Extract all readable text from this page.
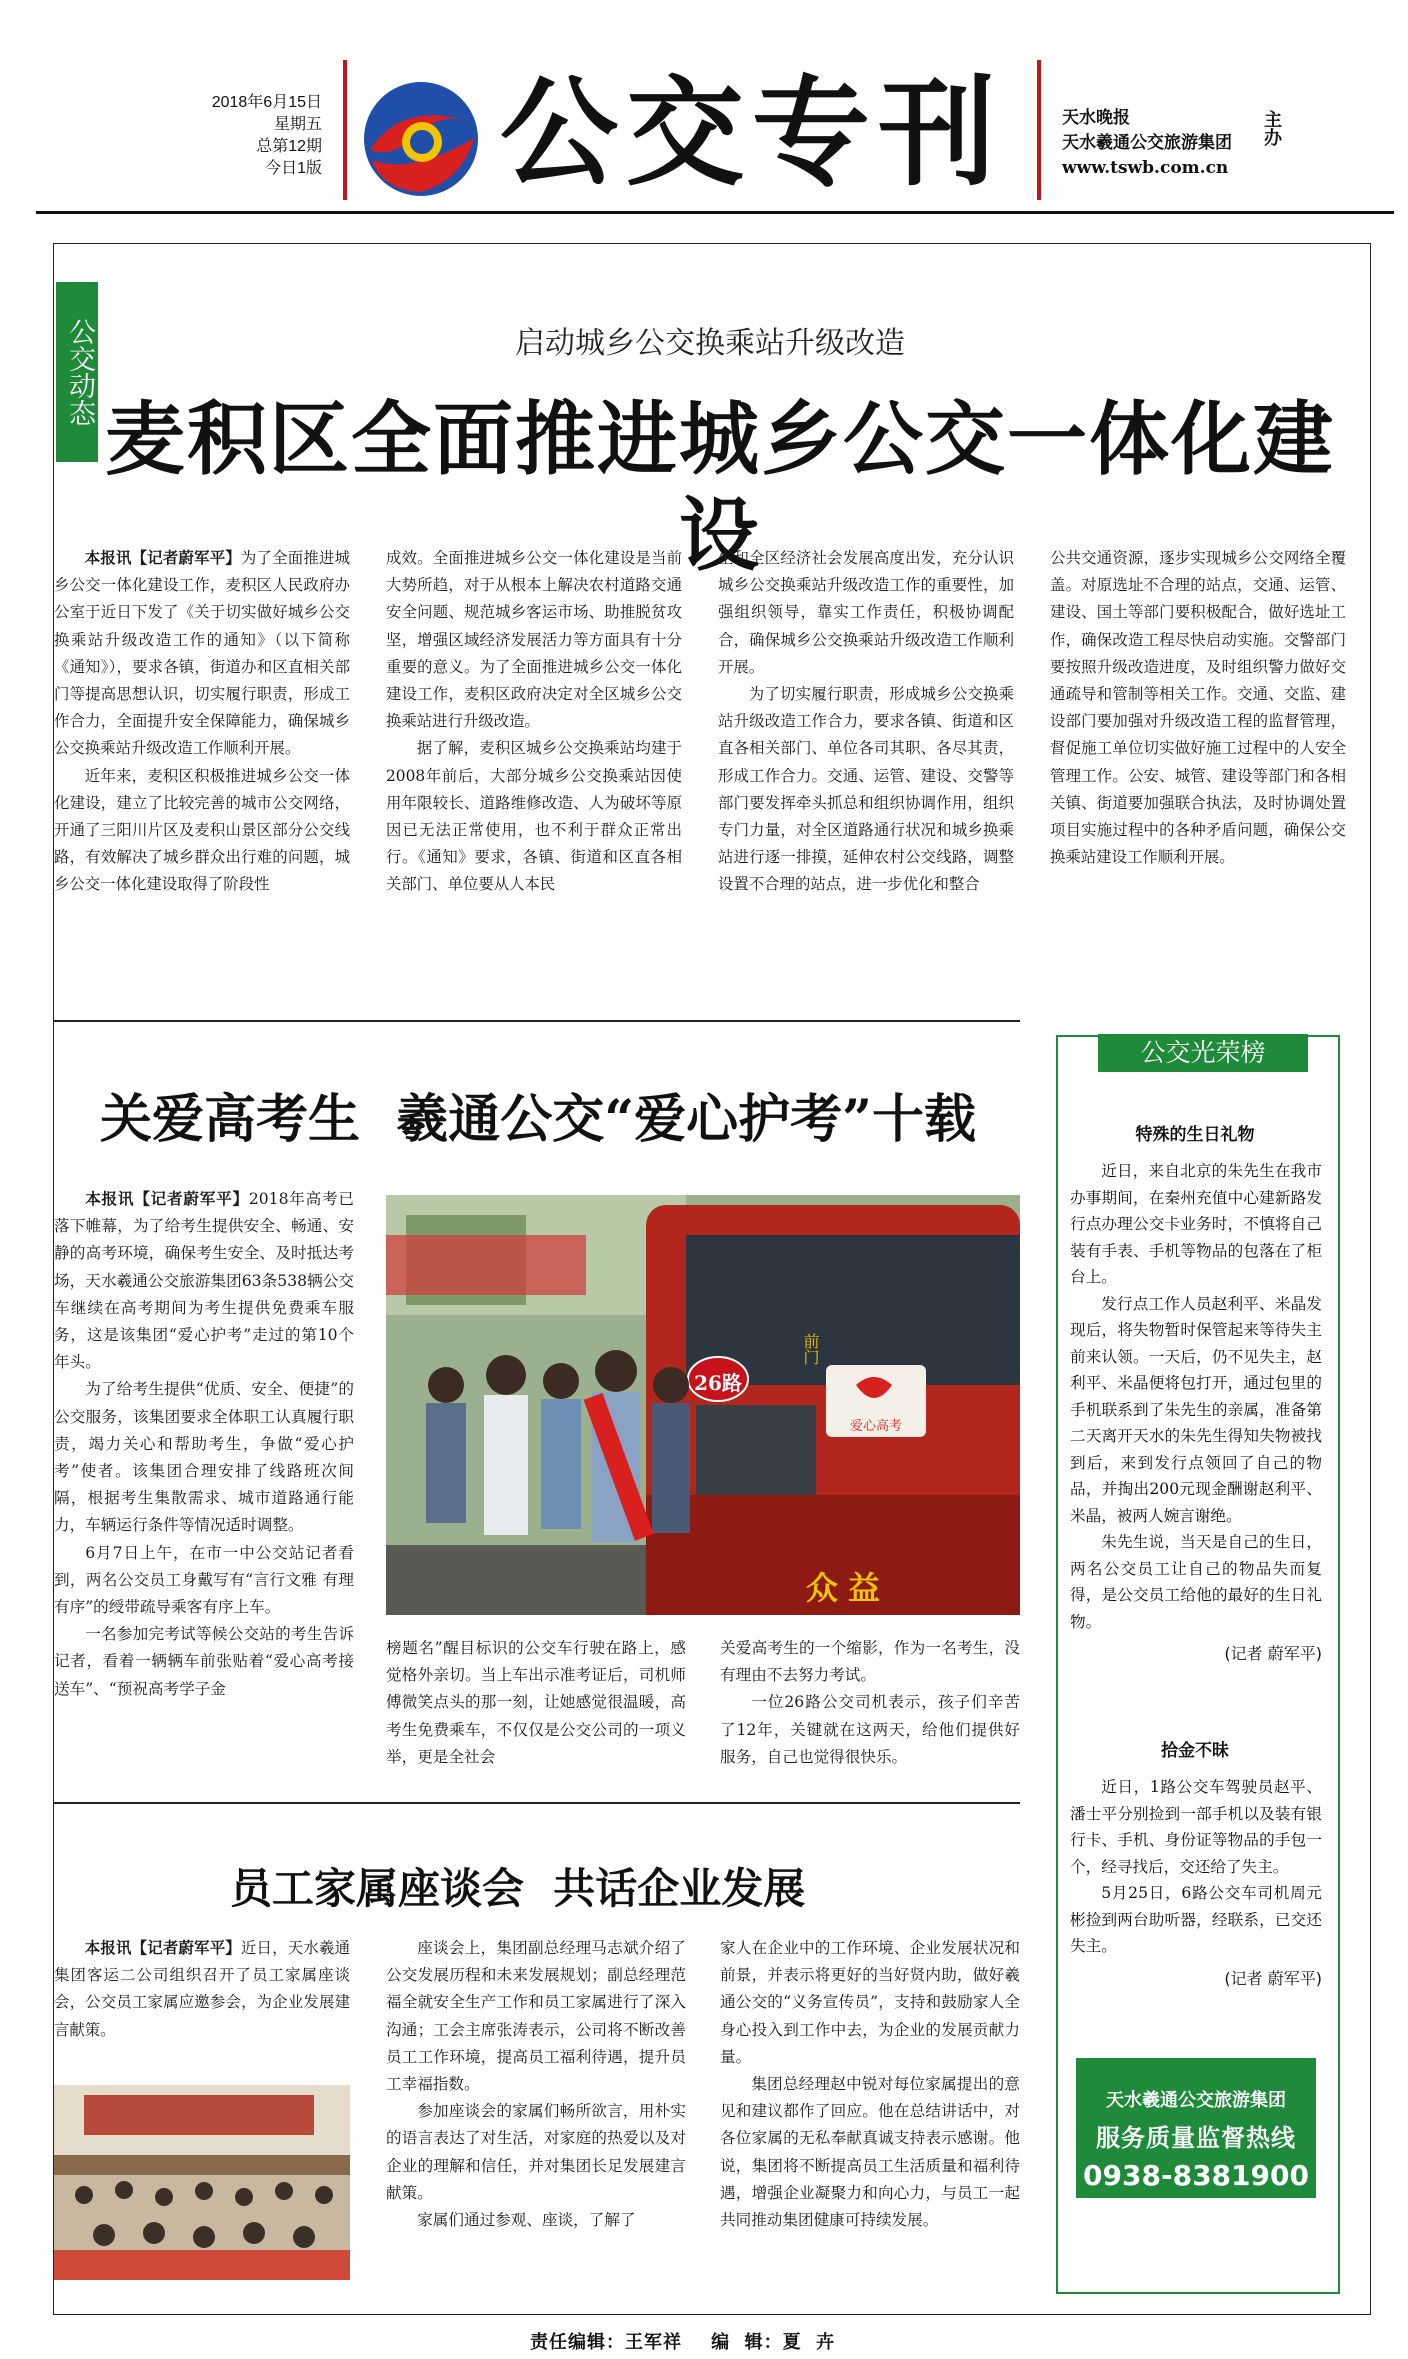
2018年6月15日
星期五
总第12期
今日1版 公交专刊	天水晚报
天水羲通公交旅游集团
www.tswb.com.cn
主办
公交动态	启动城乡公交换乘站升级改造
麦积区全面推进城乡公交一体化建设

本报讯【记者蔚军平】为了全面推进城乡公交一体化建设工作，麦积区人民政府办公室于近日下发了《关于切实做好城乡公交换乘站升级改造工作的通知》（以下简称《通知》），要求各镇，街道办和区直相关部门等提高思想认识，切实履行职责，形成工作合力，全面提升安全保障能力，确保城乡公交换乘站升级改造工作顺利开展。

近年来，麦积区积极推进城乡公交一体化建设，建立了比较完善的城市公交网络，开通了三阳川片区及麦积山景区部分公交线路，有效解决了城乡群众出行难的问题，城乡公交一体化建设取得了阶段性

成效。全面推进城乡公交一体化建设是当前大势所趋，对于从根本上解决农村道路交通安全问题、规范城乡客运市场、助推脱贫攻坚，增强区域经济发展活力等方面具有十分重要的意义。为了全面推进城乡公交一体化建设工作，麦积区政府决定对全区城乡公交换乘站进行升级改造。

据了解，麦积区城乡公交换乘站均建于2008年前后，大部分城乡公交换乘站因使用年限较长、道路维修改造、人为破坏等原因已无法正常使用，也不利于群众正常出行。《通知》要求，各镇、街道和区直各相关部门、单位要从人本民

生和全区经济社会发展高度出发，充分认识城乡公交换乘站升级改造工作的重要性，加强组织领导，靠实工作责任，积极协调配合，确保城乡公交换乘站升级改造工作顺利开展。

为了切实履行职责，形成城乡公交换乘站升级改造工作合力，要求各镇、街道和区直各相关部门、单位各司其职、各尽其责，形成工作合力。交通、运管、建设、交警等部门要发挥牵头抓总和组织协调作用，组织专门力量，对全区道路通行状况和城乡换乘站进行逐一排摸，延伸农村公交线路，调整设置不合理的站点，进一步优化和整合

公共交通资源，逐步实现城乡公交网络全覆盖。对原选址不合理的站点，交通、运管、建设、国土等部门要积极配合，做好选址工作，确保改造工程尽快启动实施。交警部门要按照升级改造进度，及时组织警力做好交通疏导和管制等相关工作。交通、交监、建设部门要加强对升级改造工程的监督管理，督促施工单位切实做好施工过程中的人安全管理工作。公安、城管、建设等部门和各相关镇、街道要加强联合执法，及时协调处置项目实施过程中的各种矛盾问题，确保公交换乘站建设工作顺利开展。

关爱高考生  羲通公交“爱心护考”十载

本报讯【记者蔚军平】2018年高考已落下帷幕，为了给考生提供安全、畅通、安静的高考环境，确保考生安全、及时抵达考场，天水羲通公交旅游集团63条538辆公交车继续在高考期间为考生提供免费乘车服务，这是该集团“爱心护考”走过的第10个年头。

为了给考生提供“优质、安全、便捷”的公交服务，该集团要求全体职工认真履行职责，竭力关心和帮助考生，争做“爱心护考”使者。该集团合理安排了线路班次间隔，根据考生集散需求、城市道路通行能力，车辆运行条件等情况适时调整。

6月7日上午，在市一中公交站记者看到，两名公交员工身戴写有“言行文雅 有理有序”的绶带疏导乘客有序上车。

一名参加完考试等候公交站的考生告诉记者，看着一辆辆车前张贴着“爱心高考接送车”、“预祝高考学子金

26路
前门
爱心高考
众益

榜题名”醒目标识的公交车行驶在路上，感觉格外亲切。当上车出示准考证后，司机师傅微笑点头的那一刻，让她感觉很温暖，高考生免费乘车，不仅仅是公交公司的一项义举，更是全社会

关爱高考生的一个缩影，作为一名考生，没有理由不去努力考试。

一位26路公交司机表示，孩子们辛苦了12年，关键就在这两天，给他们提供好服务，自己也觉得很快乐。

员工家属座谈会  共话企业发展

本报讯【记者蔚军平】近日，天水羲通集团客运二公司组织召开了员工家属座谈会，公交员工家属应邀参会，为企业发展建言献策。

座谈会上，集团副总经理马志斌介绍了公交发展历程和未来发展规划；副总经理范福全就安全生产工作和员工家属进行了深入沟通；工会主席张涛表示，公司将不断改善员工工作环境，提高员工福利待遇，提升员工幸福指数。

参加座谈会的家属们畅所欲言，用朴实的语言表达了对生活，对家庭的热爱以及对企业的理解和信任，并对集团长足发展建言献策。

家属们通过参观、座谈，了解了

家人在企业中的工作环境、企业发展状况和前景，并表示将更好的当好贤内助，做好羲通公交的“义务宣传员”，支持和鼓励家人全身心投入到工作中去，为企业的发展贡献力量。

集团总经理赵中锐对每位家属提出的意见和建议都作了回应。他在总结讲话中，对各位家属的无私奉献真诚支持表示感谢。他说，集团将不断提高员工生活质量和福利待遇，增强企业凝聚力和向心力，与员工一起共同推动集团健康可持续发展。

公交光荣榜
特殊的生日礼物

近日，来自北京的朱先生在我市办事期间，在秦州充值中心建新路发行点办理公交卡业务时，不慎将自己装有手表、手机等物品的包落在了柜台上。

发行点工作人员赵利平、米晶发现后，将失物暂时保管起来等待失主前来认领。一天后，仍不见失主，赵利平、米晶便将包打开，通过包里的手机联系到了朱先生的亲属，准备第二天离开天水的朱先生得知失物被找到后，来到发行点领回了自己的物品，并掏出200元现金酬谢赵利平、米晶，被两人婉言谢绝。

朱先生说，当天是自己的生日，两名公交员工让自己的物品失而复得，是公交员工给他的最好的生日礼物。

(记者 蔚军平)
拾金不昧

近日，1路公交车驾驶员赵平、潘士平分别捡到一部手机以及装有银行卡、手机、身份证等物品的手包一个，经寻找后，交还给了失主。

5月25日，6路公交车司机周元彬捡到两台助听器，经联系，已交还失主。

(记者 蔚军平)
天水羲通公交旅游集团
服务质量监督热线
0938-8381900
责任编辑：王军祥    编  辑：夏  卉
